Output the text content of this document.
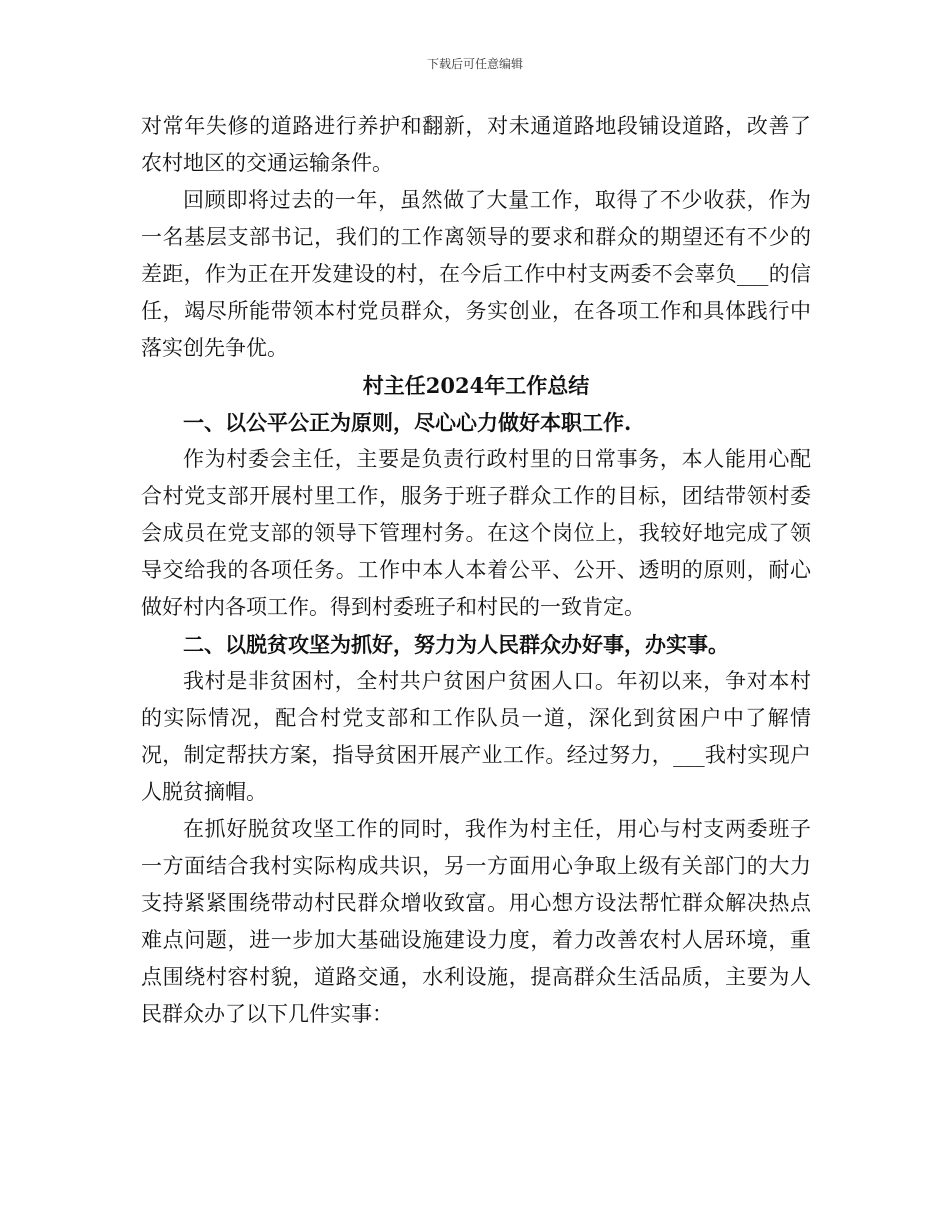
下载后可任意编辑

对常年失修的道路进行养护和翻新，对未通道路地段铺设道路，改善了农村地区的交通运输条件。

回顾即将过去的一年，虽然做了大量工作，取得了不少收获，作为一名基层支部书记，我们的工作离领导的要求和群众的期望还有不少的差距，作为正在开发建设的村，在今后工作中村支两委不会辜负___的信任，竭尽所能带领本村党员群众，务实创业，在各项工作和具体践行中落实创先争优。

村主任2024年工作总结

一、以公平公正为原则，尽心心力做好本职工作.

作为村委会主任，主要是负责行政村里的日常事务，本人能用心配合村党支部开展村里工作，服务于班子群众工作的目标，团结带领村委会成员在党支部的领导下管理村务。在这个岗位上，我较好地完成了领导交给我的各项任务。工作中本人本着公平、公开、透明的原则，耐心做好村内各项工作。得到村委班子和村民的一致肯定。

二、以脱贫攻坚为抓好，努力为人民群众办好事，办实事。

我村是非贫困村，全村共户贫困户贫困人口。年初以来，争对本村的实际情况，配合村党支部和工作队员一道，深化到贫困户中了解情况，制定帮扶方案，指导贫困开展产业工作。经过努力，___我村实现户人脱贫摘帽。

在抓好脱贫攻坚工作的同时，我作为村主任，用心与村支两委班子一方面结合我村实际构成共识，另一方面用心争取上级有关部门的大力支持紧紧围绕带动村民群众增收致富。用心想方设法帮忙群众解决热点难点问题，进一步加大基础设施建设力度，着力改善农村人居环境，重点围绕村容村貌，道路交通，水利设施，提高群众生活品质，主要为人民群众办了以下几件实事：
